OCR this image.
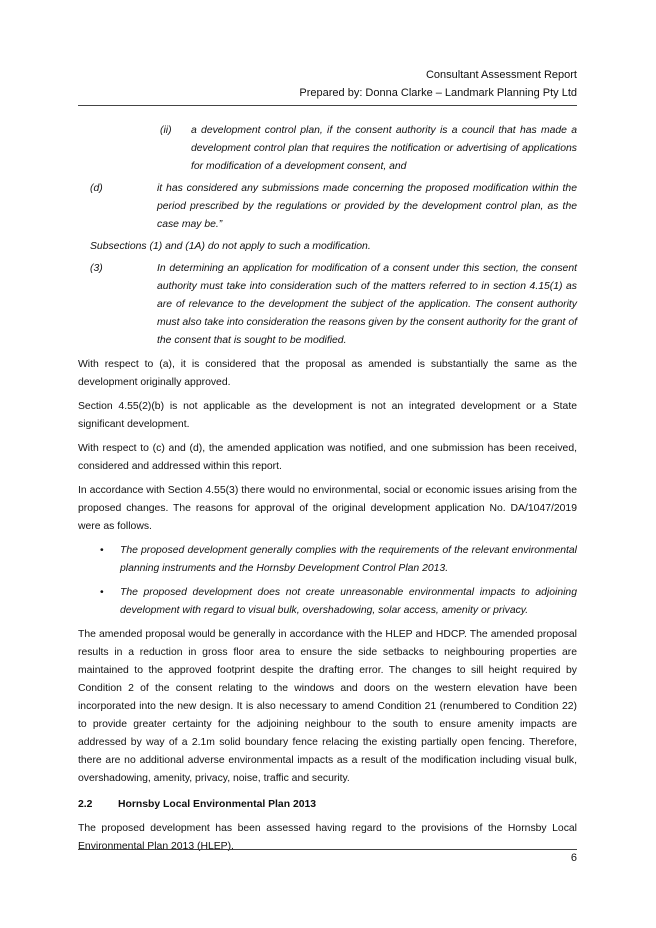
Consultant Assessment Report
Prepared by: Donna Clarke – Landmark Planning Pty Ltd
(ii)	a development control plan, if the consent authority is a council that has made a development control plan that requires the notification or advertising of applications for modification of a development consent, and
(d)	it has considered any submissions made concerning the proposed modification within the period prescribed by the regulations or provided by the development control plan, as the case may be.”
Subsections (1) and (1A) do not apply to such a modification.
(3)	In determining an application for modification of a consent under this section, the consent authority must take into consideration such of the matters referred to in section 4.15(1) as are of relevance to the development the subject of the application. The consent authority must also take into consideration the reasons given by the consent authority for the grant of the consent that is sought to be modified.

With respect to (a), it is considered that the proposal as amended is substantially the same as the development originally approved.

Section 4.55(2)(b) is not applicable as the development is not an integrated development or a State significant development.

With respect to (c) and (d), the amended application was notified, and one submission has been received, considered and addressed within this report.

In accordance with Section 4.55(3) there would no environmental, social or economic issues arising from the proposed changes. The reasons for approval of the original development application No. DA/1047/2019 were as follows.

•	The proposed development generally complies with the requirements of the relevant environmental planning instruments and the Hornsby Development Control Plan 2013.
•	The proposed development does not create unreasonable environmental impacts to adjoining development with regard to visual bulk, overshadowing, solar access, amenity or privacy.

The amended proposal would be generally in accordance with the HLEP and HDCP. The amended proposal results in a reduction in gross floor area to ensure the side setbacks to neighbouring properties are maintained to the approved footprint despite the drafting error. The changes to sill height required by Condition 2 of the consent relating to the windows and doors on the western elevation have been incorporated into the new design. It is also necessary to amend Condition 21 (renumbered to Condition 22) to provide greater certainty for the adjoining neighbour to the south to ensure amenity impacts are addressed by way of a 2.1m solid boundary fence relacing the existing partially open fencing. Therefore, there are no additional adverse environmental impacts as a result of the modification including visual bulk, overshadowing, amenity, privacy, noise, traffic and security.

2.2	Hornsby Local Environmental Plan 2013

The proposed development has been assessed having regard to the provisions of the Hornsby Local Environmental Plan 2013 (HLEP).

6
